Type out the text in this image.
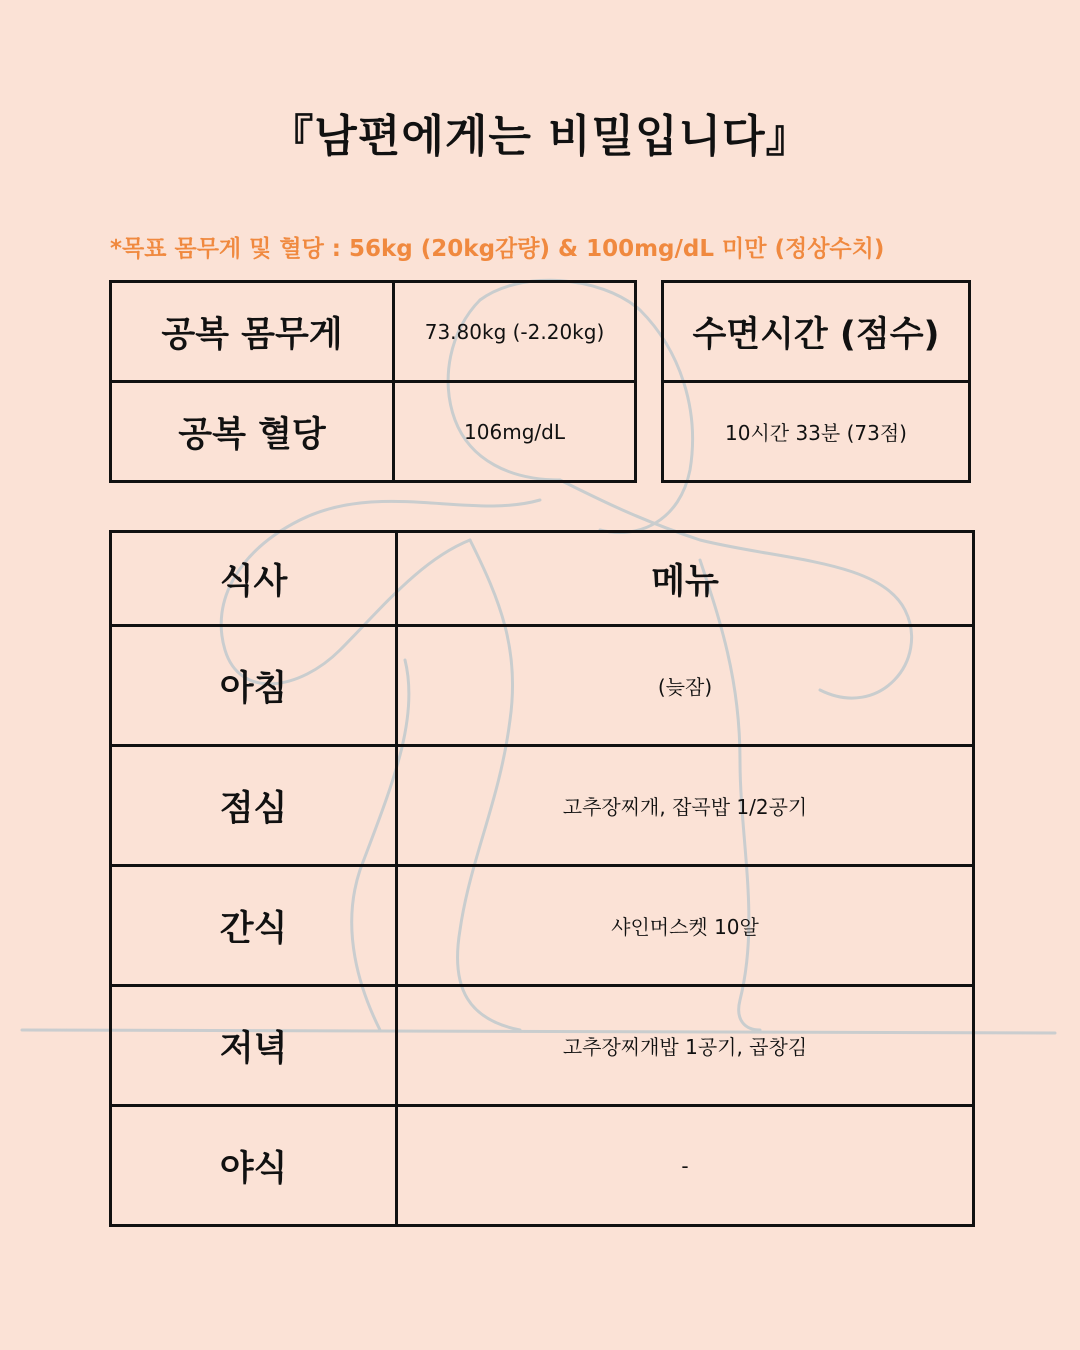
『남편에게는 비밀입니다』
*목표 몸무게 및 혈당 : 56kg (20kg감량) & 100mg/dL 미만 (정상수치)
공복 몸무게	73.80kg (-2.20kg)
공복 혈당	106mg/dL
수면시간 (점수)
10시간 33분 (73점)
식사	메뉴
아침	(늦잠)
점심	고추장찌개, 잡곡밥 1/2공기
간식	샤인머스켓 10알
저녁	고추장찌개밥 1공기, 곱창김
야식	-
